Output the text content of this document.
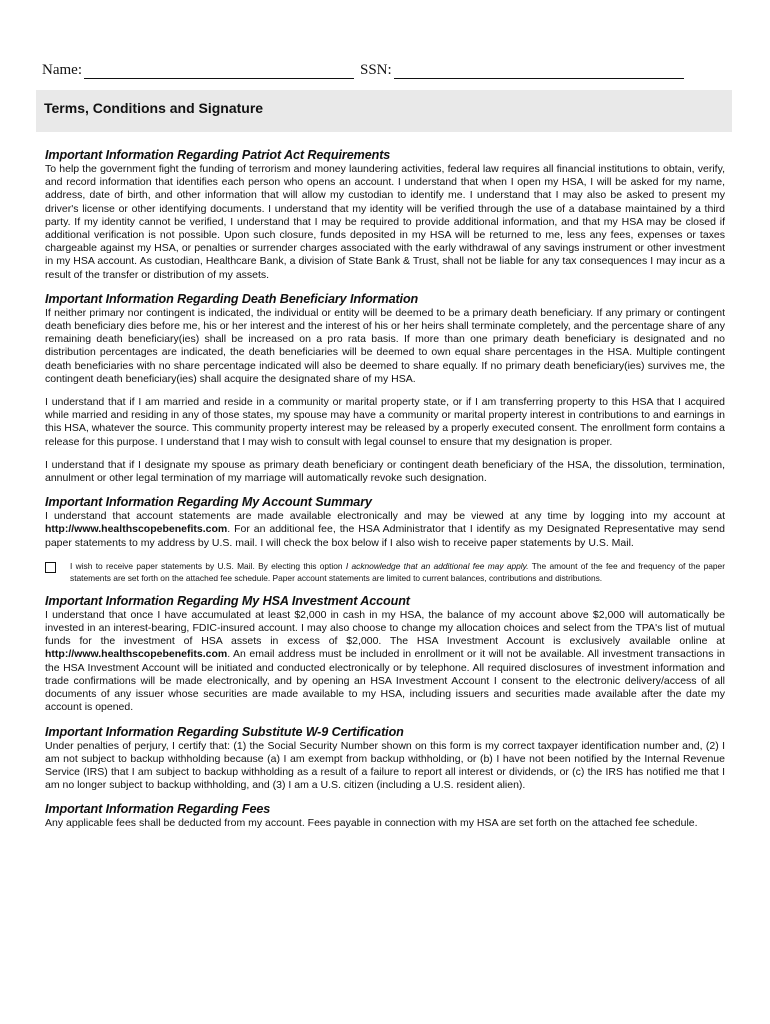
Name:	SSN:
Terms, Conditions and Signature
Important Information Regarding Patriot Act Requirements

To help the government fight the funding of terrorism and money laundering activities, federal law requires all financial institutions to obtain, verify, and record information that identifies each person who opens an account. I understand that when I open my HSA, I will be asked for my name, address, date of birth, and other information that will allow my custodian to identify me. I understand that I may also be asked to present my driver's license or other identifying documents. I understand that my identity will be verified through the use of a database maintained by a third party. If my identity cannot be verified, I understand that I may be required to provide additional information, and that my HSA may be closed if additional verification is not possible. Upon such closure, funds deposited in my HSA will be returned to me, less any fees, expenses or taxes chargeable against my HSA, or penalties or surrender charges associated with the early withdrawal of any savings instrument or other investment in my HSA account. As custodian, Healthcare Bank, a division of State Bank & Trust, shall not be liable for any tax consequences I may incur as a result of the transfer or distribution of my assets.

Important Information Regarding Death Beneficiary Information

If neither primary nor contingent is indicated, the individual or entity will be deemed to be a primary death beneficiary. If any primary or contingent death beneficiary dies before me, his or her interest and the interest of his or her heirs shall terminate completely, and the percentage share of any remaining death beneficiary(ies) shall be increased on a pro rata basis. If more than one primary death beneficiary is designated and no distribution percentages are indicated, the death beneficiaries will be deemed to own equal share percentages in the HSA. Multiple contingent death beneficiaries with no share percentage indicated will also be deemed to share equally. If no primary death beneficiary(ies) survives me, the contingent death beneficiary(ies) shall acquire the designated share of my HSA.

I understand that if I am married and reside in a community or marital property state, or if I am transferring property to this HSA that I acquired while married and residing in any of those states, my spouse may have a community or marital property interest in contributions to and earnings in this HSA, whatever the source. This community property interest may be released by a properly executed consent. The enrollment form contains a release for this purpose. I understand that I may wish to consult with legal counsel to ensure that my designation is proper.

I understand that if I designate my spouse as primary death beneficiary or contingent death beneficiary of the HSA, the dissolution, termination, annulment or other legal termination of my marriage will automatically revoke such designation.

Important Information Regarding My Account Summary

I understand that account statements are made available electronically and may be viewed at any time by logging into my account at http://www.healthscopebenefits.com. For an additional fee, the HSA Administrator that I identify as my Designated Representative may send paper statements to my address by U.S. mail. I will check the box below if I also wish to receive paper statements by U.S. Mail.

I wish to receive paper statements by U.S. Mail. By electing this option I acknowledge that an additional fee may apply. The amount of the fee and frequency of the paper statements are set forth on the attached fee schedule. Paper account statements are limited to current balances, contributions and distributions.
Important Information Regarding My HSA Investment Account

I understand that once I have accumulated at least $2,000 in cash in my HSA, the balance of my account above $2,000 will automatically be invested in an interest-bearing, FDIC-insured account. I may also choose to change my allocation choices and select from the TPA's list of mutual funds for the investment of HSA assets in excess of $2,000. The HSA Investment Account is exclusively available online at http://www.healthscopebenefits.com. An email address must be included in enrollment or it will not be available. All investment transactions in the HSA Investment Account will be initiated and conducted electronically or by telephone. All required disclosures of investment information and trade confirmations will be made electronically, and by opening an HSA Investment Account I consent to the electronic delivery/access of all documents of any issuer whose securities are made available to my HSA, including issuers and securities made available after the date my account is opened.

Important Information Regarding Substitute W-9 Certification

Under penalties of perjury, I certify that: (1) the Social Security Number shown on this form is my correct taxpayer identification number and, (2) I am not subject to backup withholding because (a) I am exempt from backup withholding, or (b) I have not been notified by the Internal Revenue Service (IRS) that I am subject to backup withholding as a result of a failure to report all interest or dividends, or (c) the IRS has notified me that I am no longer subject to backup withholding, and (3) I am a U.S. citizen (including a U.S. resident alien).

Important Information Regarding Fees

Any applicable fees shall be deducted from my account. Fees payable in connection with my HSA are set forth on the attached fee schedule.
